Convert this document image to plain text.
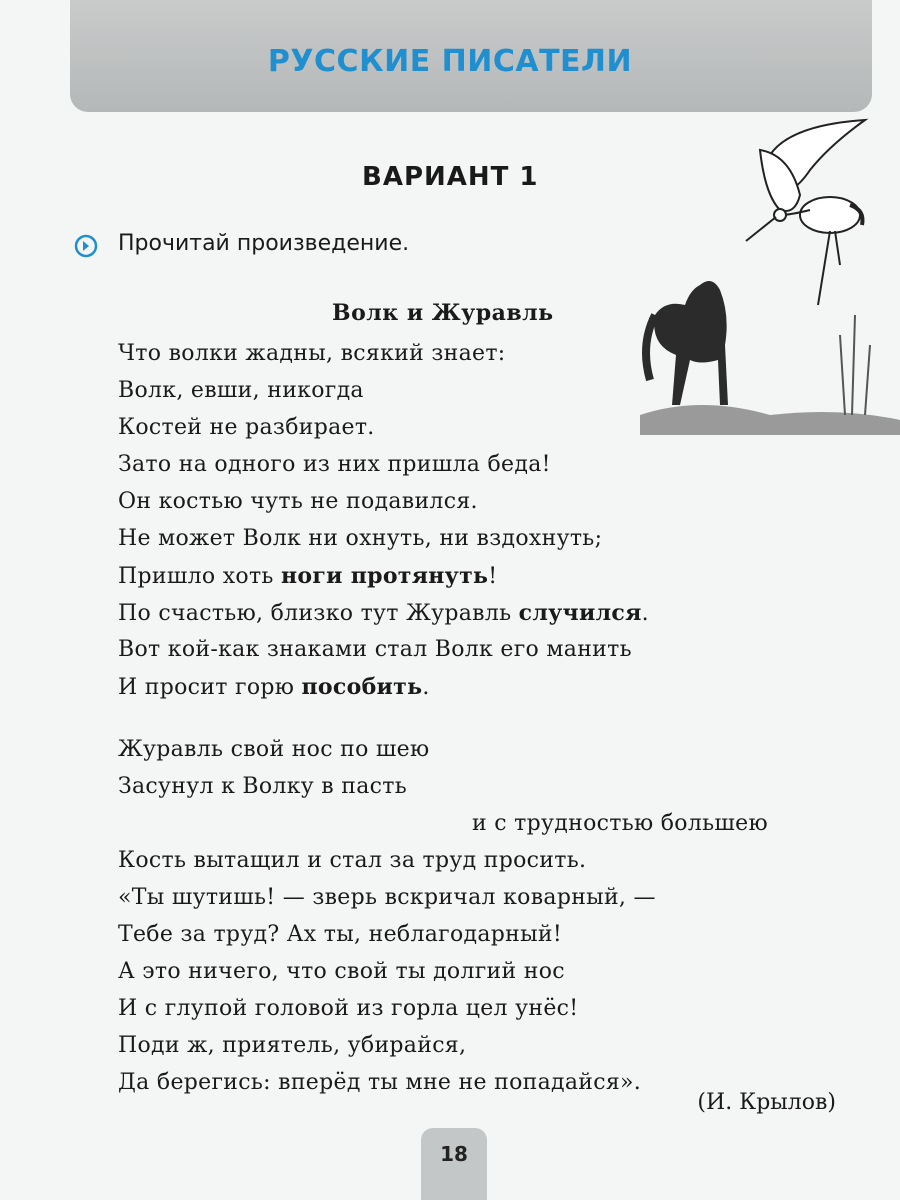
РУССКИЕ ПИСАТЕЛИ
ВАРИАНТ 1
Прочитай произведение.
Волк и Журавль
Что волки жадны, всякий знает:
Волк, евши, никогда
Костей не разбирает.
Зато на одного из них пришла беда!
Он костью чуть не подавился.
Не может Волк ни охнуть, ни вздохнуть;
Пришло хоть ноги протянуть!
По счастью, близко тут Журавль случился.
Вот кой-как знаками стал Волк его манить
И просит горю пособить.
Журавль свой нос по шею
Засунул к Волку в пасть
и с трудностью большею
Кость вытащил и стал за труд просить.
«Ты шутишь! — зверь вскричал коварный, —
Тебе за труд? Ах ты, неблагодарный!
А это ничего, что свой ты долгий нос
И с глупой головой из горла цел унёс!
Поди ж, приятель, убирайся,
Да берегись: вперёд ты мне не попадайся».
(И. Крылов)
18
